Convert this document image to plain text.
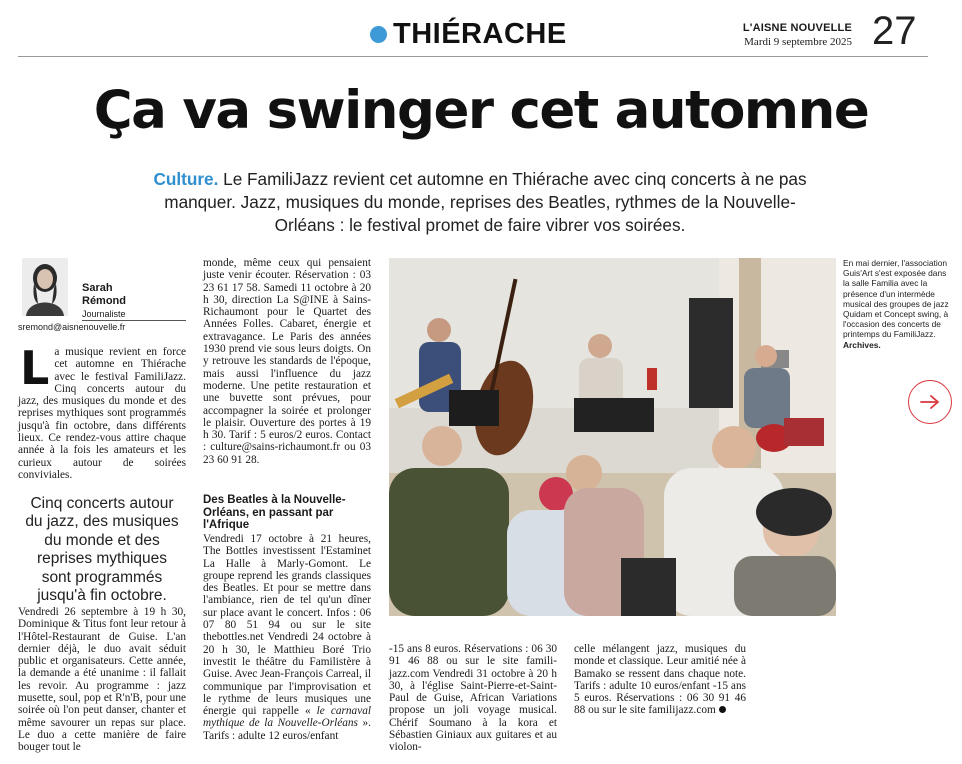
THIÉRACHE	L'AISNE NOUVELLE
Mardi 9 septembre 2025 27
Ça va swinger cet automne
Culture. Le FamiliJazz revient cet automne en Thiérache avec cinq concerts à ne pas manquer. Jazz, musiques du monde, reprises des Beatles, rythmes de la Nouvelle-Orléans : le festival promet de faire vibrer vos soirées.
Sarah
Rémond
Journaliste
sremond@aisnenouvelle.fr
La musique revient en force cet automne en Thiérache avec le festival FamiliJazz. Cinq concerts autour du jazz, des musiques du monde et des reprises mythiques sont programmés jusqu'à fin octobre, dans différents lieux. Ce rendez-vous attire chaque année à la fois les amateurs et les curieux autour de soirées conviviales.
Cinq concerts autour du jazz, des musiques du monde et des reprises mythiques sont programmés jusqu'à fin octobre.

Vendredi 26 septembre à 19 h 30, Dominique & Titus font leur retour à l'Hôtel-Restaurant de Guise. L'an dernier déjà, le duo avait séduit public et organisateurs. Cette année, la demande a été unanime : il fallait les revoir. Au programme : jazz musette, soul, pop et R'n'B, pour une soirée où l'on peut danser, chanter et même savourer un repas sur place. Le duo a cette manière de faire bouger tout le

monde, même ceux qui pensaient juste venir écouter. Réservation : 03 23 61 17 58. Samedi 11 octobre à 20 h 30, direction La S@INE à Sains-Richaumont pour le Quartet des Années Folles. Cabaret, énergie et extravagance. Le Paris des années 1930 prend vie sous leurs doigts. On y retrouve les standards de l'époque, mais aussi l'influence du jazz moderne. Une petite restauration et une buvette sont prévues, pour accompagner la soirée et prolonger le plaisir. Ouverture des portes à 19 h 30. Tarif : 5 euros/2 euros. Contact : culture@sains-richaumont.fr ou 03 23 60 91 28.

Des Beatles à la Nouvelle-Orléans, en passant par l'Afrique

Vendredi 17 octobre à 21 heures, The Bottles investissent l'Estaminet La Halle à Marly-Gomont. Le groupe reprend les grands classiques des Beatles. Et pour se mettre dans l'ambiance, rien de tel qu'un dîner sur place avant le concert. Infos : 06 07 80 51 94 ou sur le site thebottles.net Vendredi 24 octobre à 20 h 30, le Matthieu Boré Trio investit le théâtre du Familistère à Guise. Avec Jean-François Carreal, il communique par l'improvisation et le rythme de leurs musiques une énergie qui rappelle « le carnaval mythique de la Nouvelle-Orléans ». Tarifs : adulte 12 euros/enfant

En mai dernier, l'association Guis'Art s'est exposée dans la salle Familia avec la présence d'un intermède musical des groupes de jazz Quidam et Concept swing, à l'occasion des concerts de printemps du FamiliJazz. Archives.

-15 ans 8 euros. Réservations : 06 30 91 46 88 ou sur le site famili-jazz.com Vendredi 31 octobre à 20 h 30, à l'église Saint-Pierre-et-Saint-Paul de Guise, African Variations propose un joli voyage musical. Chérif Soumano à la kora et Sébastien Giniaux aux guitares et au violon-

celle mélangent jazz, musiques du monde et classique. Leur amitié née à Bamako se ressent dans chaque note. Tarifs : adulte 10 euros/enfant -15 ans 5 euros. Réservations : 06 30 91 46 88 ou sur le site familijazz.com
